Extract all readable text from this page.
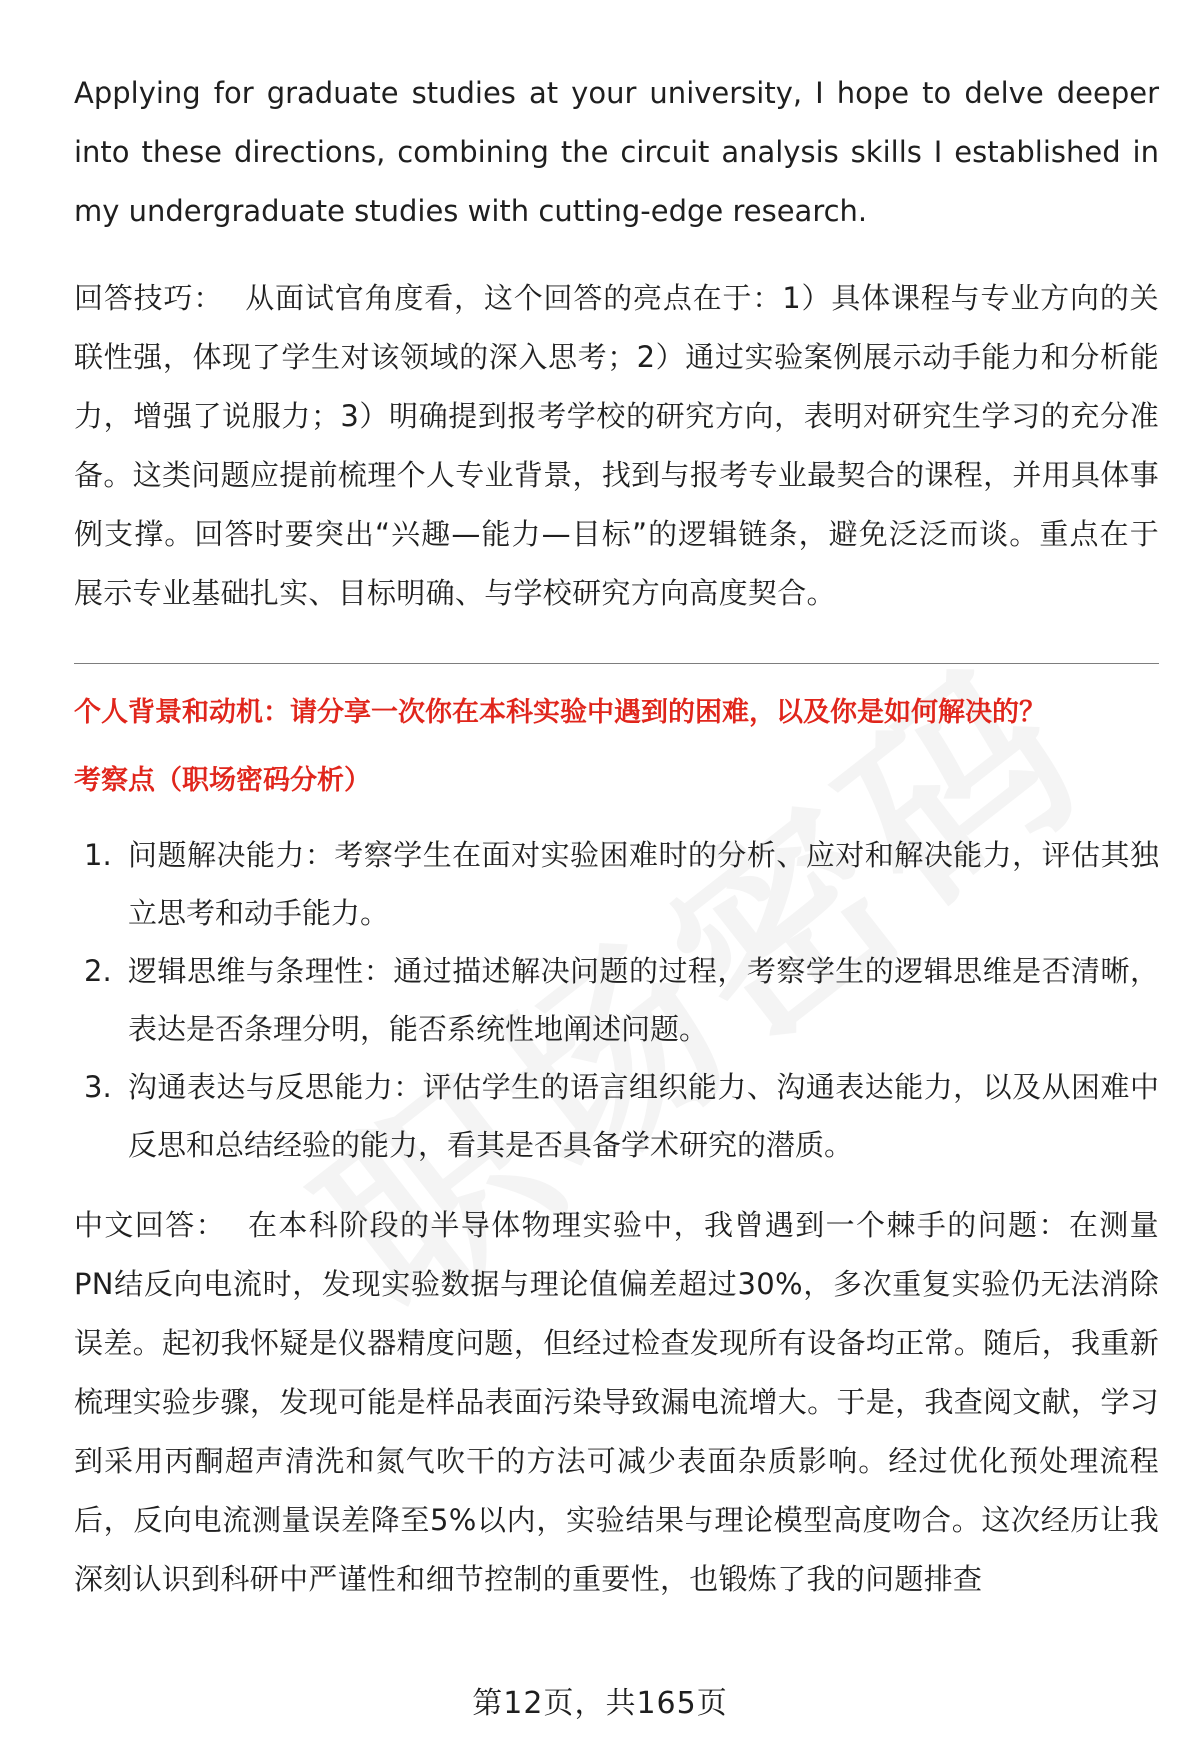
Applying for graduate studies at your university, I hope to delve deeper into these directions, combining the circuit analysis skills I established in my undergraduate studies with cutting-edge research.

回答技巧： 从面试官角度看，这个回答的亮点在于：1）具体课程与专业方向的关联性强，体现了学生对该领域的深入思考；2）通过实验案例展示动手能力和分析能力，增强了说服力；3）明确提到报考学校的研究方向，表明对研究生学习的充分准备。这类问题应提前梳理个人专业背景，找到与报考专业最契合的课程，并用具体事例支撑。回答时要突出“兴趣—能力—目标”的逻辑链条，避免泛泛而谈。重点在于展示专业基础扎实、目标明确、与学校研究方向高度契合。

个人背景和动机：请分享一次你在本科实验中遇到的困难，以及你是如何解决的？
考察点（职场密码分析）
1. 问题解决能力：考察学生在面对实验困难时的分析、应对和解决能力，评估其独立思考和动手能力。
2. 逻辑思维与条理性：通过描述解决问题的过程，考察学生的逻辑思维是否清晰，表达是否条理分明，能否系统性地阐述问题。
3. 沟通表达与反思能力：评估学生的语言组织能力、沟通表达能力，以及从困难中反思和总结经验的能力，看其是否具备学术研究的潜质。

中文回答： 在本科阶段的半导体物理实验中，我曾遇到一个棘手的问题：在测量PN结反向电流时，发现实验数据与理论值偏差超过30%，多次重复实验仍无法消除误差。起初我怀疑是仪器精度问题，但经过检查发现所有设备均正常。随后，我重新梳理实验步骤，发现可能是样品表面污染导致漏电流增大。于是，我查阅文献，学习到采用丙酮超声清洗和氮气吹干的方法可减少表面杂质影响。经过优化预处理流程后，反向电流测量误差降至5%以内，实验结果与理论模型高度吻合。这次经历让我深刻认识到科研中严谨性和细节控制的重要性，也锻炼了我的问题排查

第12页，共165页
